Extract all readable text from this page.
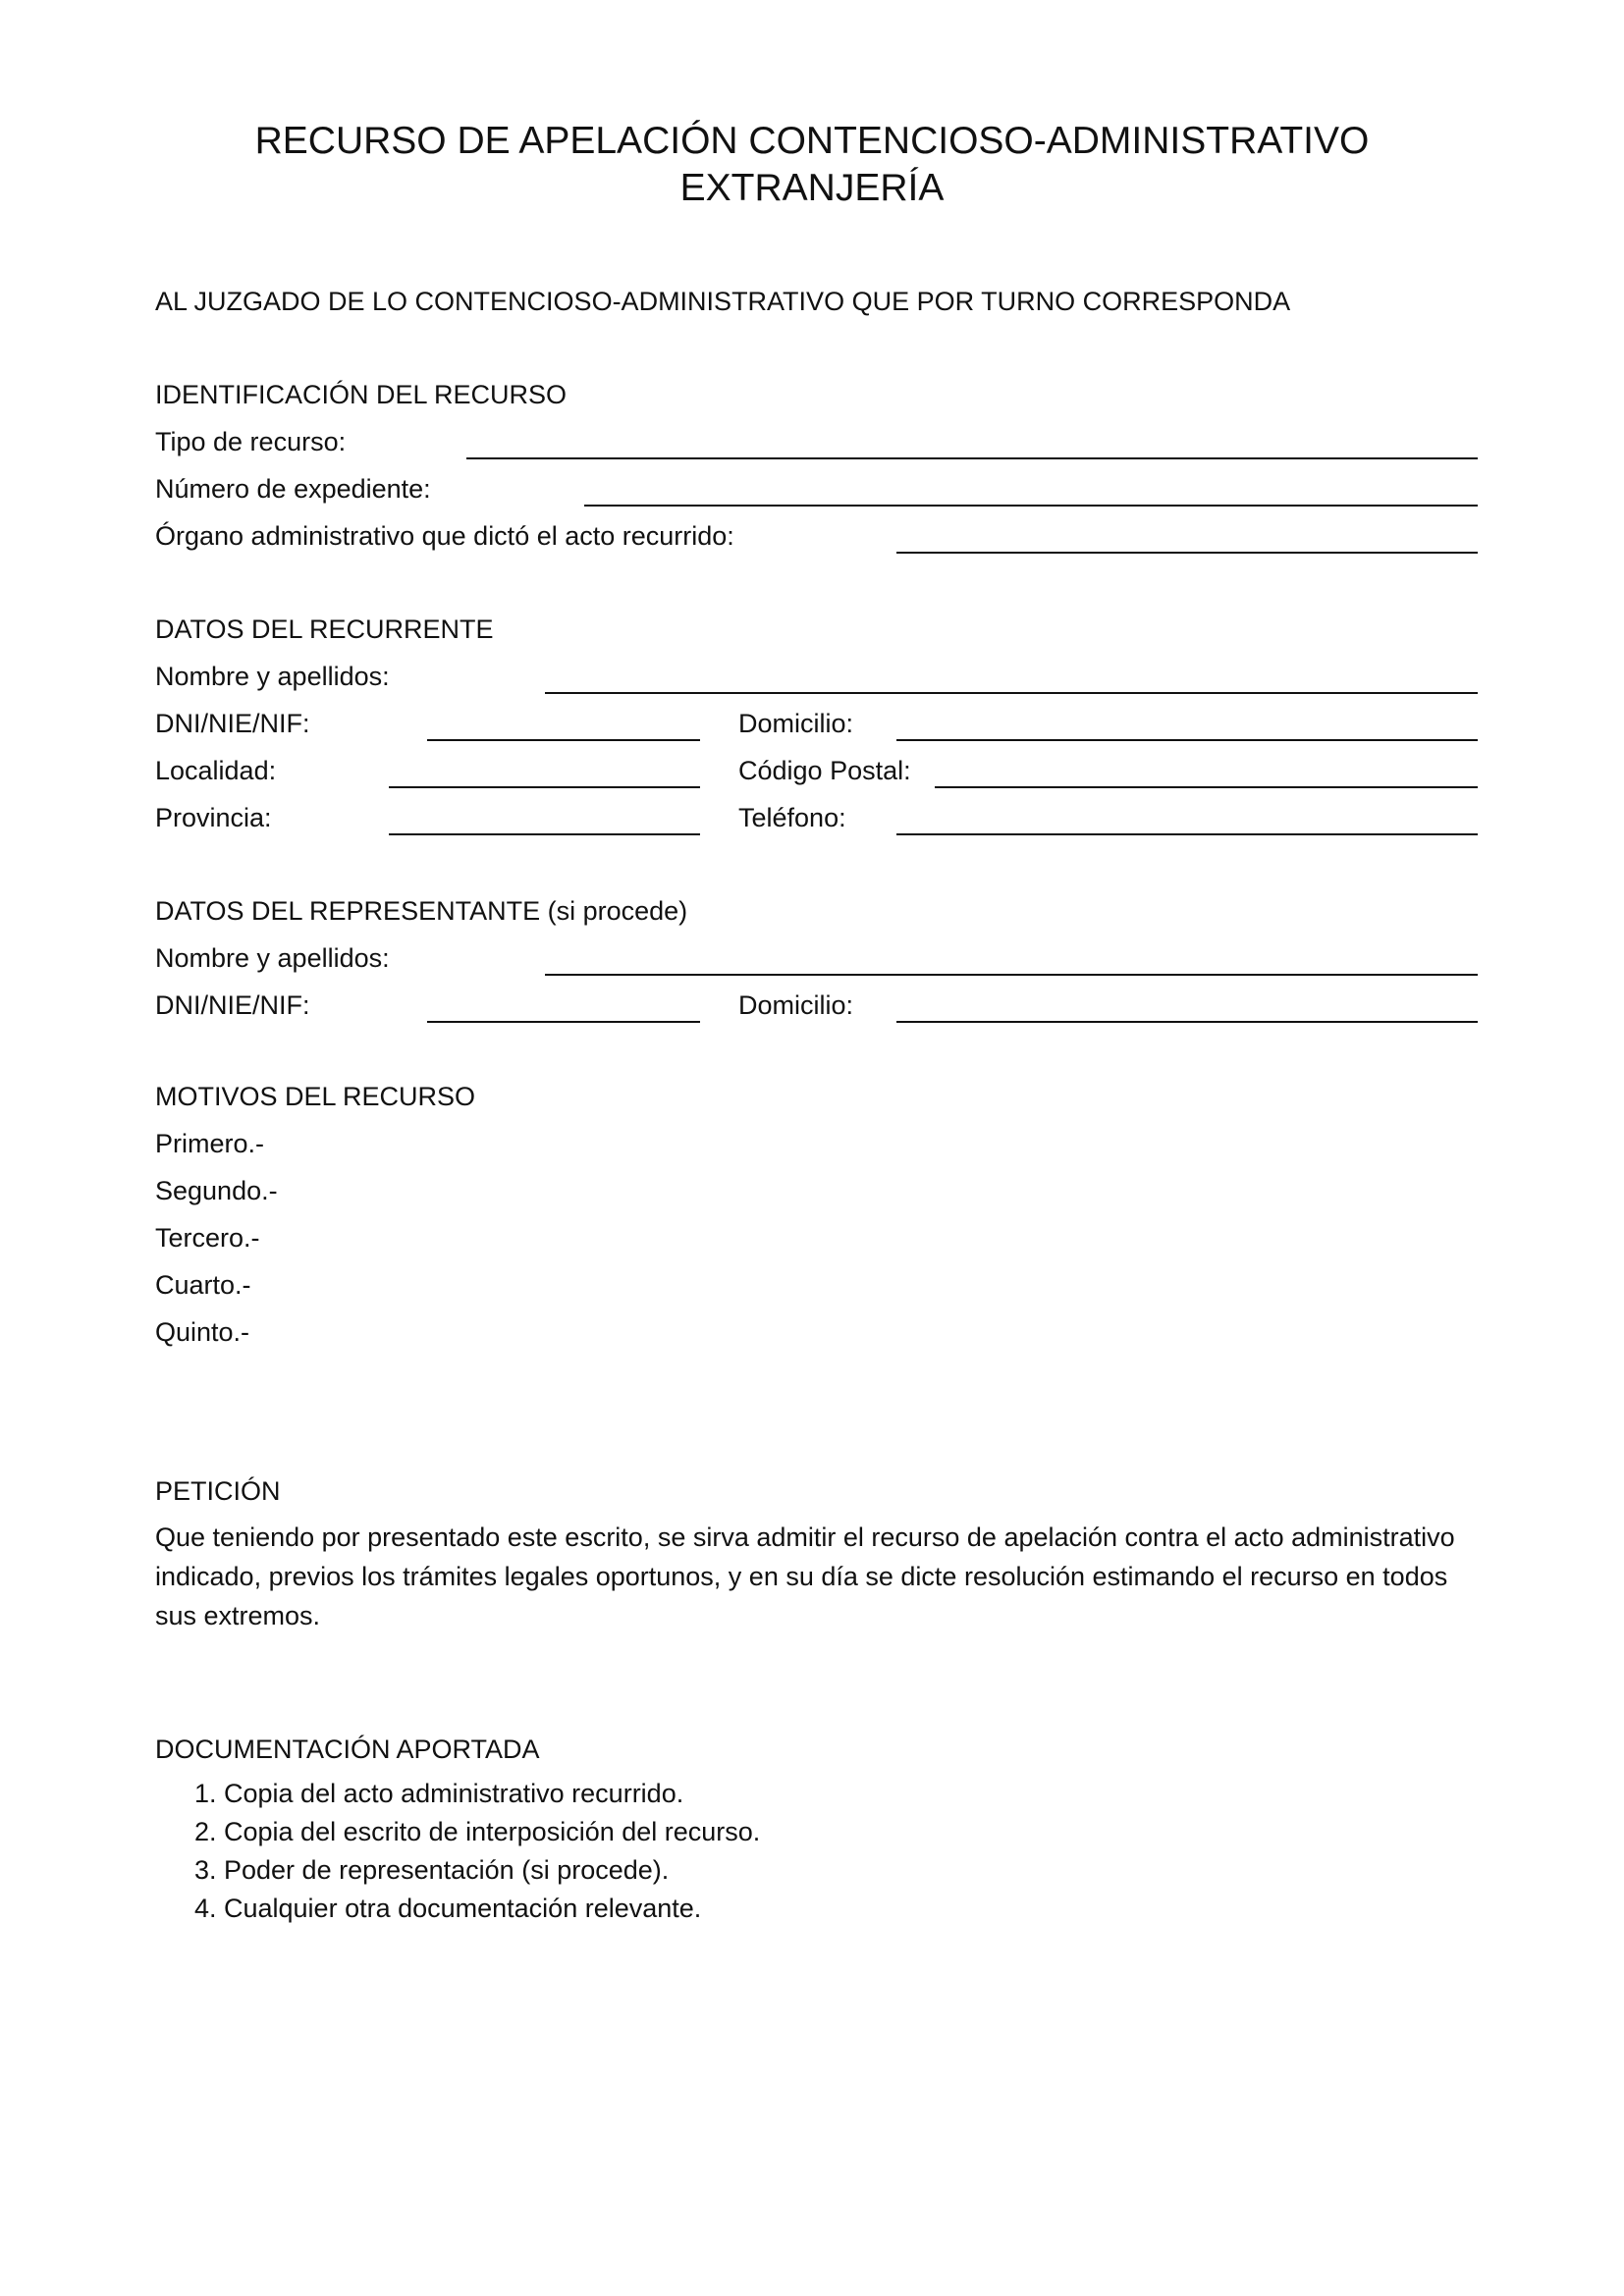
RECURSO DE APELACIÓN CONTENCIOSO-ADMINISTRATIVO
EXTRANJERÍA
AL JUZGADO DE LO CONTENCIOSO-ADMINISTRATIVO QUE POR TURNO CORRESPONDA
IDENTIFICACIÓN DEL RECURSO
Tipo de recurso:
Número de expediente:
Órgano administrativo que dictó el acto recurrido:
DATOS DEL RECURRENTE
Nombre y apellidos:
DNI/NIE/NIF:	Domicilio:
Localidad:	Código Postal:
Provincia:	Teléfono:
DATOS DEL REPRESENTANTE (si procede)
Nombre y apellidos:
DNI/NIE/NIF:	Domicilio:
MOTIVOS DEL RECURSO
Primero.-
Segundo.-
Tercero.-
Cuarto.-
Quinto.-
PETICIÓN
Que teniendo por presentado este escrito, se sirva admitir el recurso de apelación contra el acto administrativo indicado, previos los trámites legales oportunos, y en su día se dicte resolución estimando el recurso en todos sus extremos.
DOCUMENTACIÓN APORTADA
1. Copia del acto administrativo recurrido.
2. Copia del escrito de interposición del recurso.
3. Poder de representación (si procede).
4. Cualquier otra documentación relevante.
